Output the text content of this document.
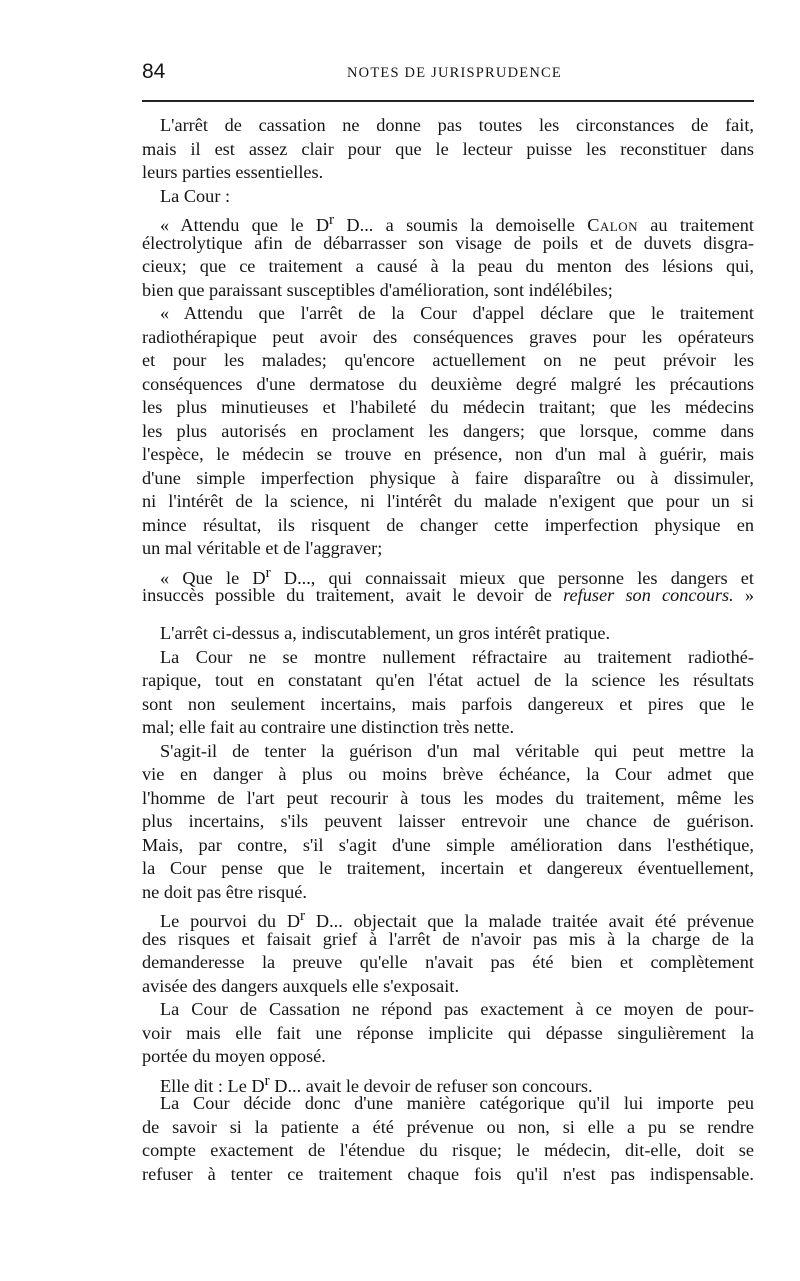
84	NOTES DE JURISPRUDENCE
L'arrêt de cassation ne donne pas toutes les circonstances de fait,
mais il est assez clair pour que le lecteur puisse les reconstituer dans
leurs parties essentielles.
La Cour :
« Attendu que le $D^r$ D... a soumis la demoiselle Calon au traitement
électrolytique afin de débarrasser son visage de poils et de duvets disgra-
cieux; que ce traitement a causé à la peau du menton des lésions qui,
bien que paraissant susceptibles d'amélioration, sont indélébiles;
« Attendu que l'arrêt de la Cour d'appel déclare que le traitement
radiothérapique peut avoir des conséquences graves pour les opérateurs
et pour les malades; qu'encore actuellement on ne peut prévoir les
conséquences d'une dermatose du deuxième degré malgré les précautions
les plus minutieuses et l'habileté du médecin traitant; que les médecins
les plus autorisés en proclament les dangers; que lorsque, comme dans
l'espèce, le médecin se trouve en présence, non d'un mal à guérir, mais
d'une simple imperfection physique à faire disparaître ou à dissimuler,
ni l'intérêt de la science, ni l'intérêt du malade n'exigent que pour un si
mince résultat, ils risquent de changer cette imperfection physique en
un mal véritable et de l'aggraver;
« Que le $D^r$ D..., qui connaissait mieux que personne les dangers et
insuccès possible du traitement, avait le devoir de refuser son concours. »
L'arrêt ci-dessus a, indiscutablement, un gros intérêt pratique.
La Cour ne se montre nullement réfractaire au traitement radiothé-
rapique, tout en constatant qu'en l'état actuel de la science les résultats
sont non seulement incertains, mais parfois dangereux et pires que le
mal; elle fait au contraire une distinction très nette.
S'agit-il de tenter la guérison d'un mal véritable qui peut mettre la
vie en danger à plus ou moins brève échéance, la Cour admet que
l'homme de l'art peut recourir à tous les modes du traitement, même les
plus incertains, s'ils peuvent laisser entrevoir une chance de guérison.
Mais, par contre, s'il s'agit d'une simple amélioration dans l'esthétique,
la Cour pense que le traitement, incertain et dangereux éventuellement,
ne doit pas être risqué.
Le pourvoi du $D^r$ D... objectait que la malade traitée avait été prévenue
des risques et faisait grief à l'arrêt de n'avoir pas mis à la charge de la
demanderesse la preuve qu'elle n'avait pas été bien et complètement
avisée des dangers auxquels elle s'exposait.
La Cour de Cassation ne répond pas exactement à ce moyen de pour-
voir mais elle fait une réponse implicite qui dépasse singulièrement la
portée du moyen opposé.
Elle dit : Le $D^r$ D... avait le devoir de refuser son concours.
La Cour décide donc d'une manière catégorique qu'il lui importe peu
de savoir si la patiente a été prévenue ou non, si elle a pu se rendre
compte exactement de l'étendue du risque; le médecin, dit-elle, doit se
refuser à tenter ce traitement chaque fois qu'il n'est pas indispensable.
